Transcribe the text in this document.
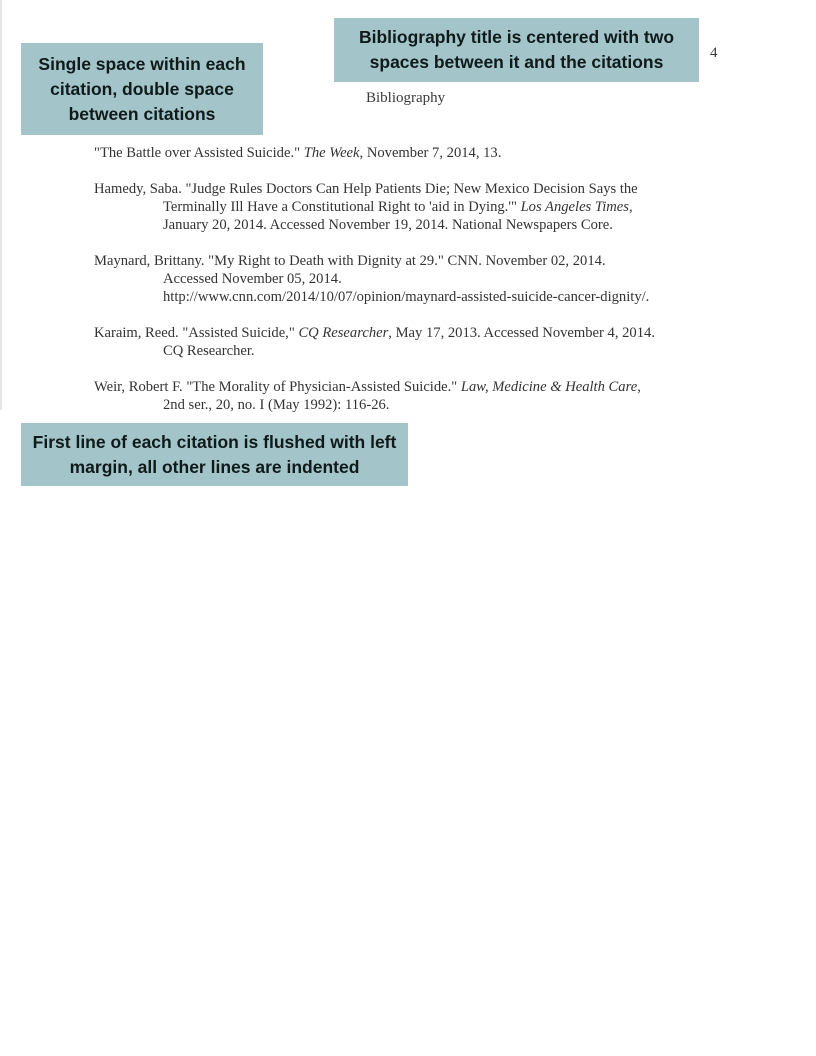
4
Bibliography

"The Battle over Assisted Suicide." The Week, November 7, 2014, 13.

Hamedy, Saba. "Judge Rules Doctors Can Help Patients Die; New Mexico Decision Says the
Terminally Ill Have a Constitutional Right to 'aid in Dying.'" Los Angeles Times,
January 20, 2014. Accessed November 19, 2014. National Newspapers Core.

Maynard, Brittany. "My Right to Death with Dignity at 29." CNN. November 02, 2014.
Accessed November 05, 2014.
http://www.cnn.com/2014/10/07/opinion/maynard-assisted-suicide-cancer-dignity/.

Karaim, Reed. "Assisted Suicide," CQ Researcher, May 17, 2013. Accessed November 4, 2014.
CQ Researcher.

Weir, Robert F. "The Morality of Physician-Assisted Suicide." Law, Medicine & Health Care,
2nd ser., 20, no. I (May 1992): 116-26.

Single space within each citation, double space between citations
Bibliography title is centered with two spaces between it and the citations
First line of each citation is flushed with left margin, all other lines are indented
